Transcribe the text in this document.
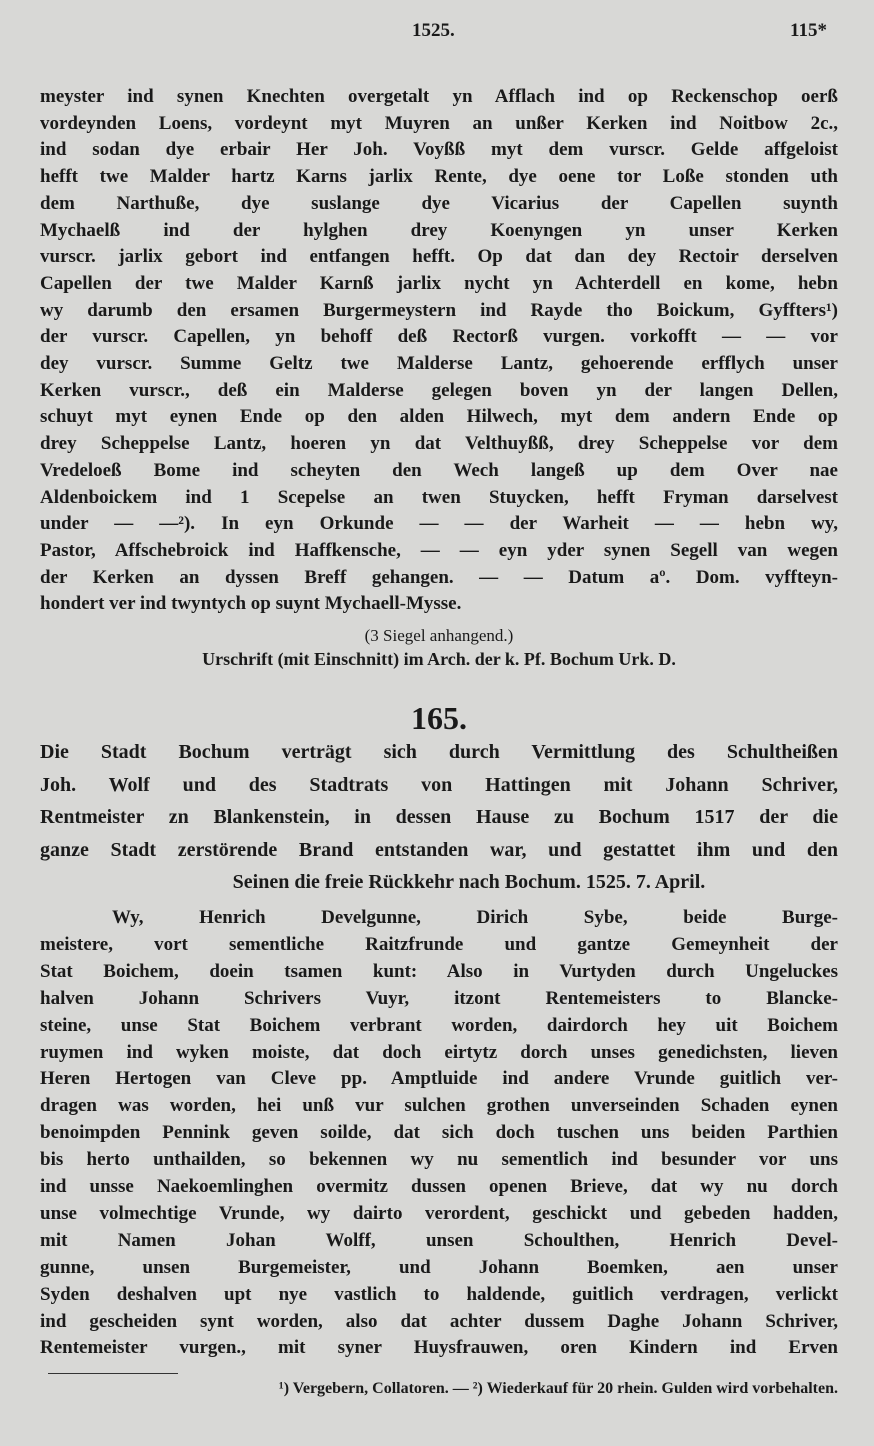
1525.	115*
meyster ind synen Knechten overgetalt yn Afflach ind op Reckenschop oerß
vordeynden Loens, vordeynt myt Muyren an unßer Kerken ind Noitbow 2c.,
ind sodan dye erbair Her Joh. Voyßß myt dem vurscr. Gelde affgeloist
hefft twe Malder hartz Karns jarlix Rente, dye oene tor Loße stonden uth
dem Narthuße, dye suslange dye Vicarius der Capellen suynth
Mychaelß ind der hylghen drey Koenyngen yn unser Kerken
vurscr. jarlix gebort ind entfangen hefft. Op dat dan dey Rectoir derselven
Capellen der twe Malder Karnß jarlix nycht yn Achterdell en kome, hebn
wy darumb den ersamen Burgermeystern ind Rayde tho Boickum, Gyffters¹)
der vurscr. Capellen, yn behoff deß Rectorß vurgen. vorkofft — — vor
dey vurscr. Summe Geltz twe Malderse Lantz, gehoerende erfflych unser
Kerken vurscr., deß ein Malderse gelegen boven yn der langen Dellen,
schuyt myt eynen Ende op den alden Hilwech, myt dem andern Ende op
drey Scheppelse Lantz, hoeren yn dat Velthuyßß, drey Scheppelse vor dem
Vredeloeß Bome ind scheyten den Wech langeß up dem Over nae
Aldenboickem ind 1 Scepelse an twen Stuycken, hefft Fryman darselvest
under — —²). In eyn Orkunde — — der Warheit — — hebn wy,
Pastor, Affschebroick ind Haffkensche, — — eyn yder synen Segell van wegen
der Kerken an dyssen Breff gehangen. — — Datum aº. Dom. vyffteyn-
hondert ver ind twyntych op suynt Mychaell-Mysse.
(3 Siegel anhangend.)
Urschrift (mit Einschnitt) im Arch. der k. Pf. Bochum Urk. D.
165.
Die Stadt Bochum verträgt sich durch Vermittlung des Schultheißen
Joh. Wolf und des Stadtrats von Hattingen mit Johann Schriver,
Rentmeister zn Blankenstein, in dessen Hause zu Bochum 1517 der die
ganze Stadt zerstörende Brand entstanden war, und gestattet ihm und den
Seinen die freie Rückkehr nach Bochum. 1525. 7. April.
Wy, Henrich Develgunne, Dirich Sybe, beide Burge-
meistere, vort sementliche Raitzfrunde und gantze Gemeynheit der
Stat Boichem, doein tsamen kunt: Also in Vurtyden durch Ungeluckes
halven Johann Schrivers Vuyr, itzont Rentemeisters to Blancke-
steine, unse Stat Boichem verbrant worden, dairdorch hey uit Boichem
ruymen ind wyken moiste, dat doch eirtytz dorch unses genedichsten, lieven
Heren Hertogen van Cleve pp. Amptluide ind andere Vrunde guitlich ver-
dragen was worden, hei unß vur sulchen grothen unverseinden Schaden eynen
benoimpden Pennink geven soilde, dat sich doch tuschen uns beiden Parthien
bis herto unthailden, so bekennen wy nu sementlich ind besunder vor uns
ind unsse Naekoemlinghen overmitz dussen openen Brieve, dat wy nu dorch
unse volmechtige Vrunde, wy dairto verordent, geschickt und gebeden hadden,
mit Namen Johan Wolff, unsen Schoulthen, Henrich Devel-
gunne, unsen Burgemeister, und Johann Boemken, aen unser
Syden deshalven upt nye vastlich to haldende, guitlich verdragen, verlickt
ind gescheiden synt worden, also dat achter dussem Daghe Johann Schriver,
Rentemeister vurgen., mit syner Huysfrauwen, oren Kindern ind Erven
¹) Vergebern, Collatoren. — ²) Wiederkauf für 20 rhein. Gulden wird vorbehalten.
